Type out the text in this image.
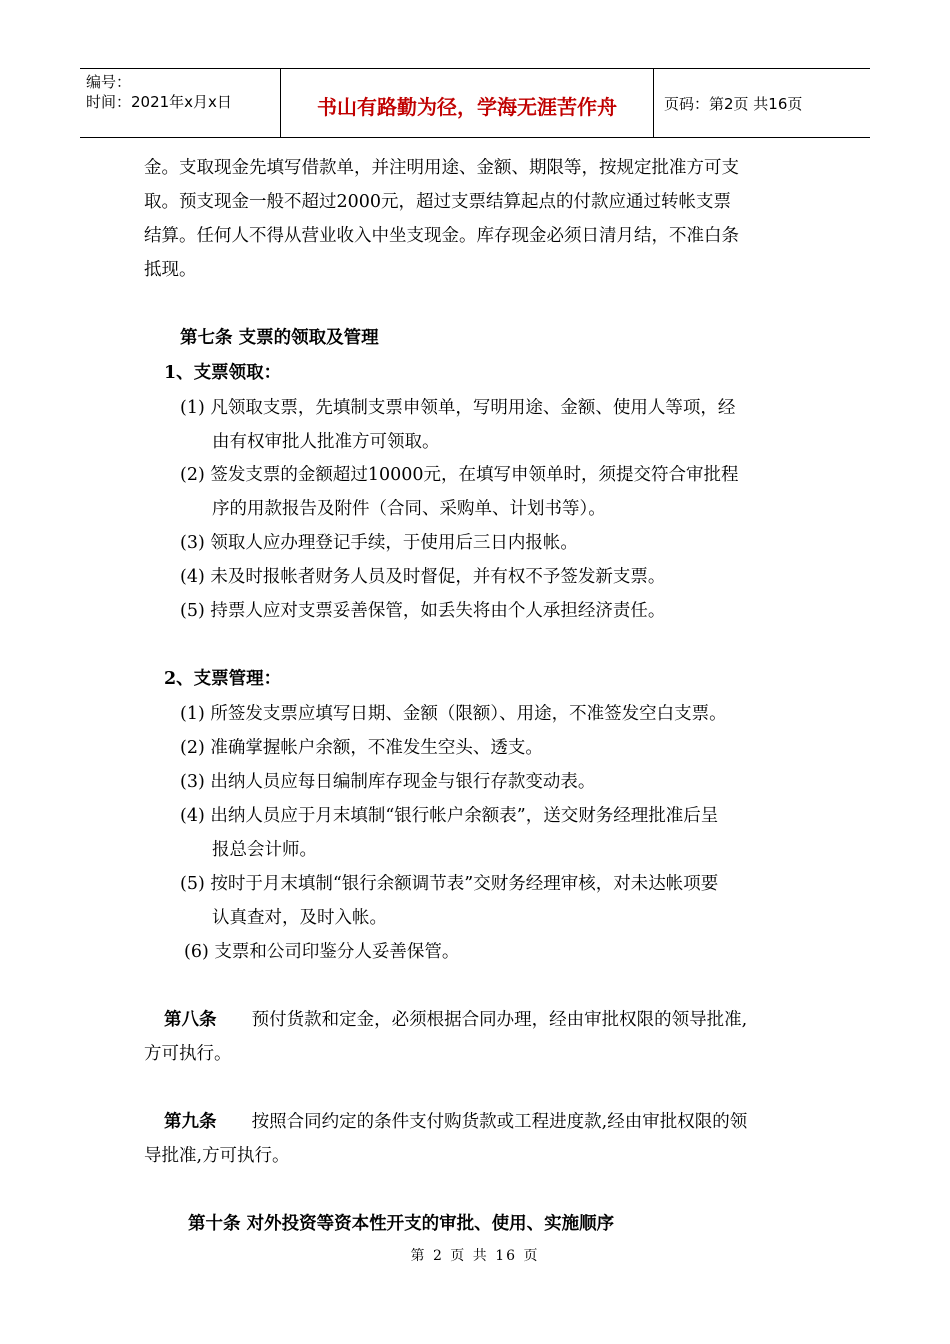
编号：
时间：2021年x月x日	书山有路勤为径，学海无涯苦作舟	页码：第2页 共16页
金。支取现金先填写借款单，并注明用途、金额、期限等，按规定批准方可支
取。预支现金一般不超过2000元，超过支票结算起点的付款应通过转帐支票
结算。任何人不得从营业收入中坐支现金。库存现金必须日清月结，不准白条
抵现。
第七条 支票的领取及管理
1、支票领取：
(1) 凡领取支票，先填制支票申领单，写明用途、金额、使用人等项，经
由有权审批人批准方可领取。
(2) 签发支票的金额超过10000元，在填写申领单时，须提交符合审批程
序的用款报告及附件（合同、采购单、计划书等）。
(3) 领取人应办理登记手续，于使用后三日内报帐。
(4) 未及时报帐者财务人员及时督促，并有权不予签发新支票。
(5) 持票人应对支票妥善保管，如丢失将由个人承担经济责任。
2、支票管理：
(1) 所签发支票应填写日期、金额（限额）、用途，不准签发空白支票。
(2) 准确掌握帐户余额，不准发生空头、透支。
(3) 出纳人员应每日编制库存现金与银行存款变动表。
(4) 出纳人员应于月末填制“银行帐户余额表”，送交财务经理批准后呈
报总会计师。
(5) 按时于月末填制“银行余额调节表”交财务经理审核，对未达帐项要
认真查对，及时入帐。
(6) 支票和公司印鉴分人妥善保管。
第八条 预付货款和定金，必须根据合同办理，经由审批权限的领导批准,
方可执行。
第九条 按照合同约定的条件支付购货款或工程进度款,经由审批权限的领
导批准,方可执行。
第十条 对外投资等资本性开支的审批、使用、实施顺序
第 2 页 共 16 页
